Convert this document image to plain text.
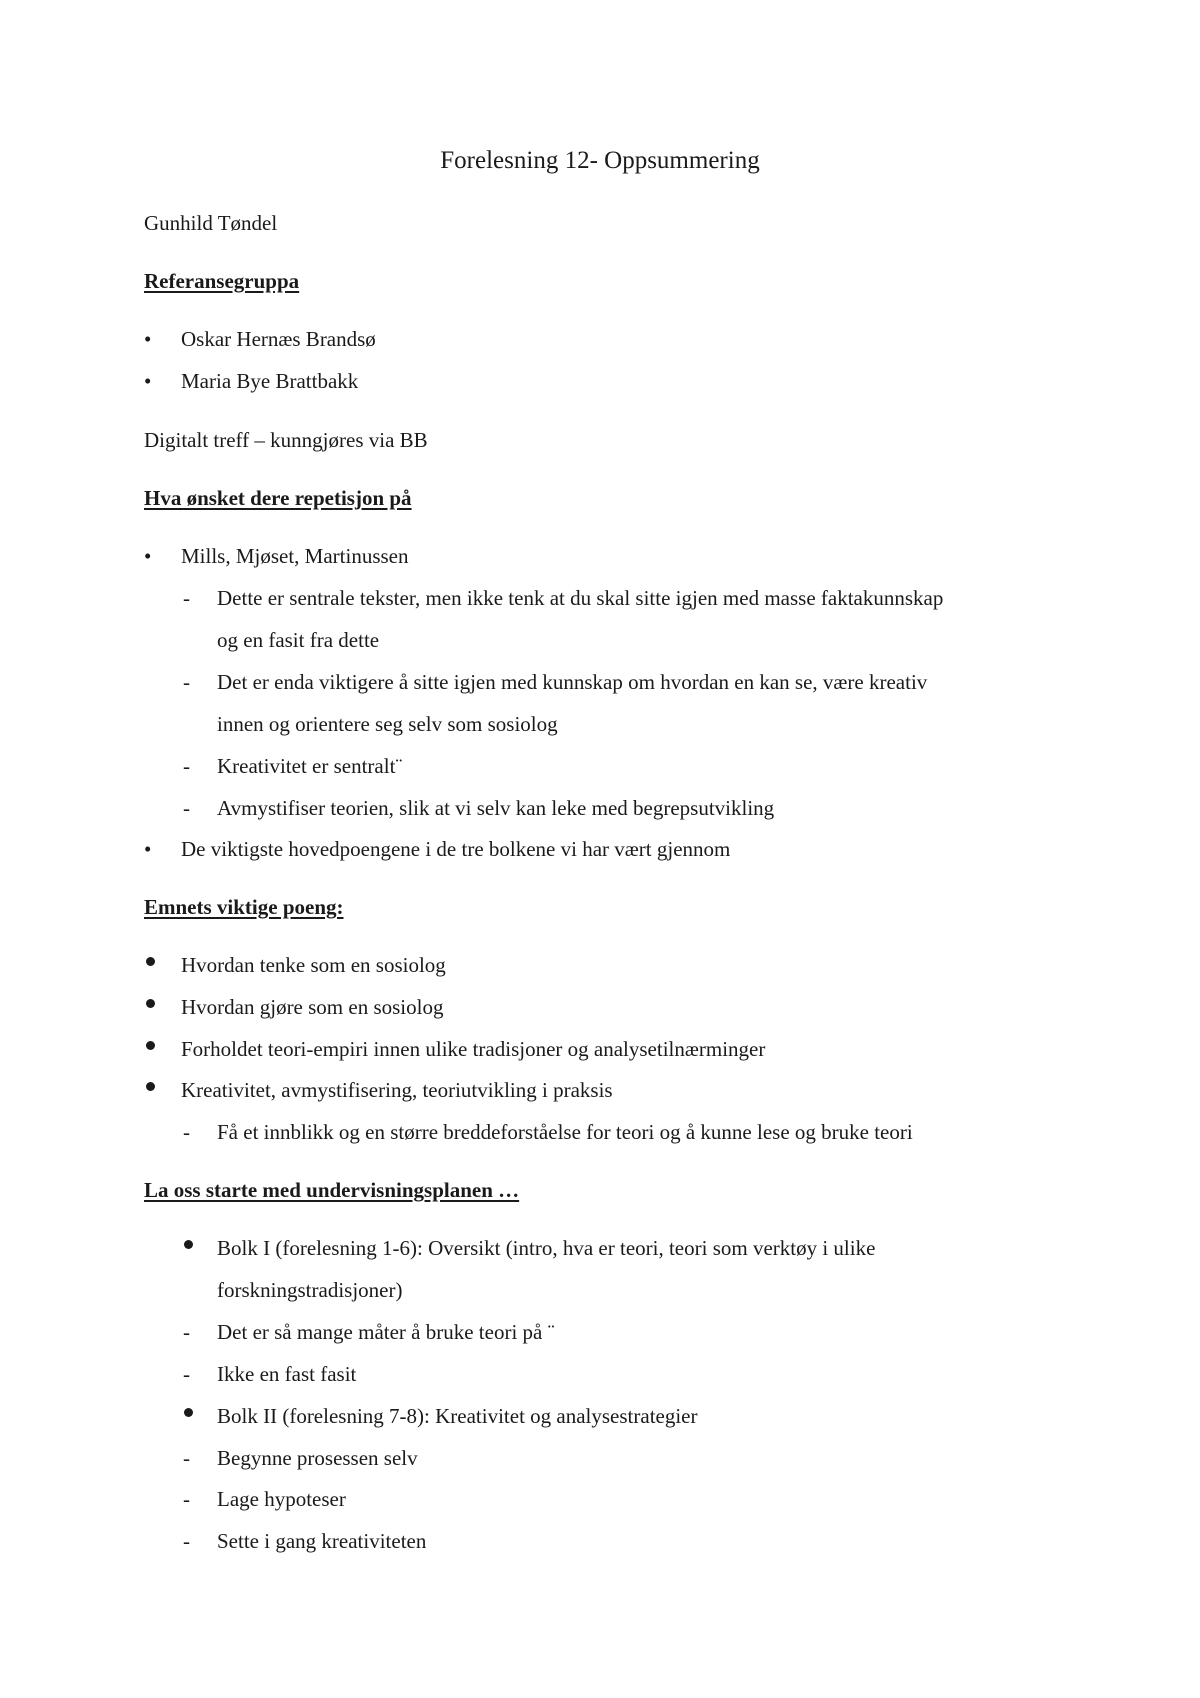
Forelesning 12- Oppsummering
Gunhild Tøndel
Referansegruppa
• Oskar Hernæs Brandsø
• Maria Bye Brattbakk
Digitalt treff – kunngjøres via BB
Hva ønsket dere repetisjon på
• Mills, Mjøset, Martinussen
- Dette er sentrale tekster, men ikke tenk at du skal sitte igjen med masse faktakunnskap
og en fasit fra dette
- Det er enda viktigere å sitte igjen med kunnskap om hvordan en kan se, være kreativ
innen og orientere seg selv som sosiolog
- Kreativitet er sentralt¨
- Avmystifiser teorien, slik at vi selv kan leke med begrepsutvikling
• De viktigste hovedpoengene i de tre bolkene vi har vært gjennom
Emnets viktige poeng:
Hvordan tenke som en sosiolog
Hvordan gjøre som en sosiolog
Forholdet teori-empiri innen ulike tradisjoner og analysetilnærminger
Kreativitet, avmystifisering, teoriutvikling i praksis
- Få et innblikk og en større breddeforståelse for teori og å kunne lese og bruke teori
La oss starte med undervisningsplanen …
Bolk I (forelesning 1-6): Oversikt (intro, hva er teori, teori som verktøy i ulike
forskningstradisjoner)
- Det er så mange måter å bruke teori på ¨
- Ikke en fast fasit
Bolk II (forelesning 7-8): Kreativitet og analysestrategier
- Begynne prosessen selv
- Lage hypoteser
- Sette i gang kreativiteten
